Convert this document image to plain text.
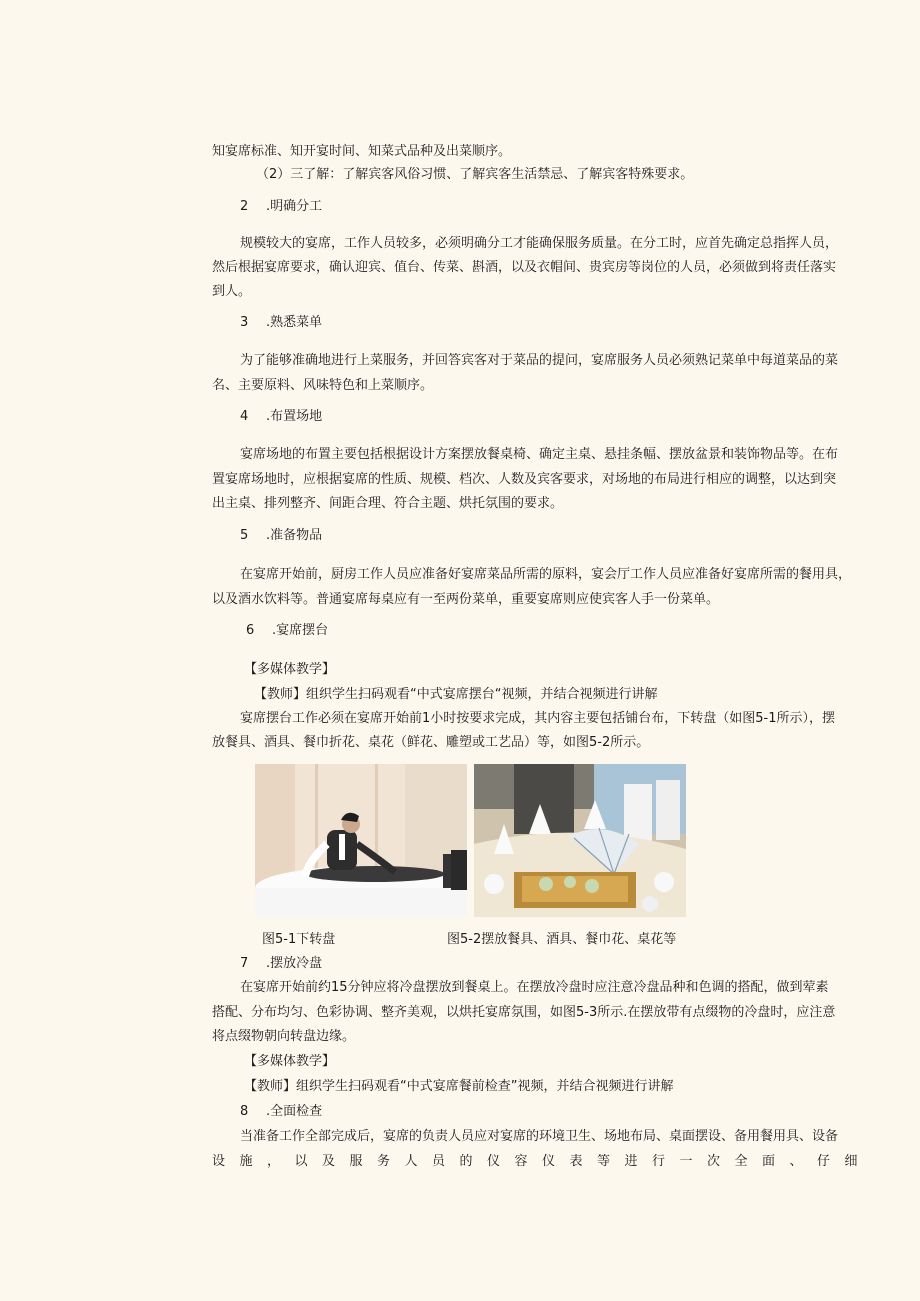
知宴席标准、知开宴时间、知菜式品种及出菜顺序。
（2）三了解：了解宾客风俗习惯、了解宾客生活禁忌、了解宾客特殊要求。
2 .明确分工
规模较大的宴席，工作人员较多，必须明确分工才能确保服务质量。在分工时，应首先确定总指挥人员，
然后根据宴席要求，确认迎宾、值台、传菜、斟酒，以及衣帽间、贵宾房等岗位的人员，必须做到将责任落实
到人。
3 .熟悉菜单
为了能够准确地进行上菜服务，并回答宾客对于菜品的提问，宴席服务人员必须熟记菜单中每道菜品的菜
名、主要原料、风味特色和上菜顺序。
4 .布置场地
宴席场地的布置主要包括根据设计方案摆放餐桌椅、确定主桌、悬挂条幅、摆放盆景和装饰物品等。在布
置宴席场地时，应根据宴席的性质、规模、档次、人数及宾客要求，对场地的布局进行相应的调整，以达到突
出主桌、排列整齐、间距合理、符合主题、烘托氛围的要求。
5 .准备物品
在宴席开始前，厨房工作人员应准备好宴席菜品所需的原料，宴会厅工作人员应准备好宴席所需的餐用具，
以及酒水饮料等。普通宴席每桌应有一至两份菜单，重要宴席则应使宾客人手一份菜单。
6 .宴席摆台
【多媒体教学】
【教师】组织学生扫码观看“中式宴席摆台“视频，并结合视频进行讲解
宴席摆台工作必须在宴席开始前1小时按要求完成，其内容主要包括铺台布，下转盘（如图5-1所示），摆
放餐具、酒具、餐巾折花、桌花（鲜花、雕塑或工艺品）等，如图5-2所示。
图5-1下转盘	图5-2摆放餐具、酒具、餐巾花、桌花等
7 .摆放冷盘
在宴席开始前约15分钟应将冷盘摆放到餐桌上。在摆放冷盘时应注意冷盘品种和色调的搭配，做到荤素
搭配、分布均匀、色彩协调、整齐美观，以烘托宴席氛围，如图5-3所示.在摆放带有点缀物的冷盘时，应注意
将点缀物朝向转盘边缘。
【多媒体教学】
【教师】组织学生扫码观看“中式宴席餐前检查”视频，并结合视频进行讲解
8 .全面检查
当准备工作全部完成后，宴席的负责人员应对宴席的环境卫生、场地布局、桌面摆设、备用餐用具、设备
设施，以及服务人员的仪容仪表等进行一次全面、仔细
